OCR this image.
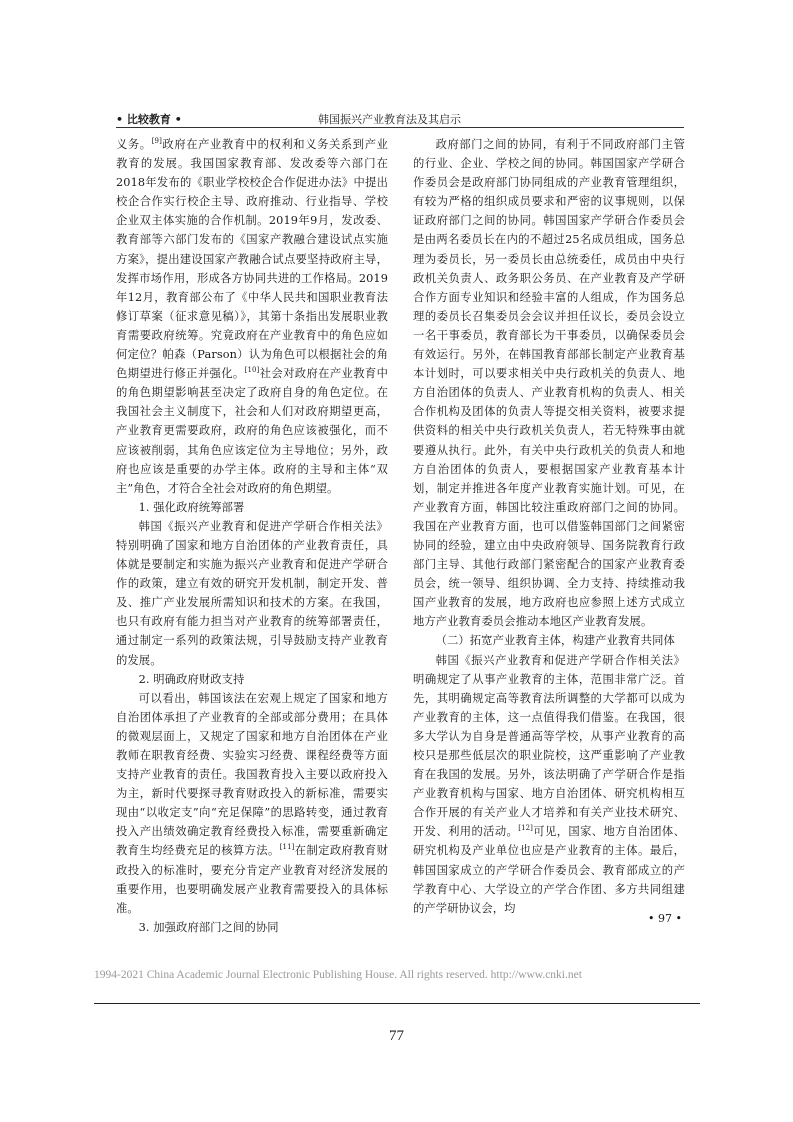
• 比较教育 •	韩国振兴产业教育法及其启示

义务。[9]政府在产业教育中的权利和义务关系到产业教育的发展。我国国家教育部、发改委等六部门在2018年发布的《职业学校校企合作促进办法》中提出校企合作实行校企主导、政府推动、行业指导、学校企业双主体实施的合作机制。2019年9月，发改委、教育部等六部门发布的《国家产教融合建设试点实施方案》，提出建设国家产教融合试点要坚持政府主导，发挥市场作用，形成各方协同共进的工作格局。2019年12月，教育部公布了《中华人民共和国职业教育法修订草案（征求意见稿）》，其第十条指出发展职业教育需要政府统筹。究竟政府在产业教育中的角色应如何定位？帕森（Parson）认为角色可以根据社会的角色期望进行修正并强化。[10]社会对政府在产业教育中的角色期望影响甚至决定了政府自身的角色定位。在我国社会主义制度下，社会和人们对政府期望更高，产业教育更需要政府，政府的角色应该被强化，而不应该被削弱，其角色应该定位为主导地位；另外，政府也应该是重要的办学主体。政府的主导和主体“双主”角色，才符合全社会对政府的角色期望。

1. 强化政府统筹部署

韩国《振兴产业教育和促进产学研合作相关法》特别明确了国家和地方自治团体的产业教育责任，具体就是要制定和实施为振兴产业教育和促进产学研合作的政策，建立有效的研究开发机制，制定开发、普及、推广产业发展所需知识和技术的方案。在我国，也只有政府有能力担当对产业教育的统筹部署责任，通过制定一系列的政策法规，引导鼓励支持产业教育的发展。

2. 明确政府财政支持

可以看出，韩国该法在宏观上规定了国家和地方自治团体承担了产业教育的全部或部分费用；在具体的微观层面上，又规定了国家和地方自治团体在产业教师在职教育经费、实验实习经费、课程经费等方面支持产业教育的责任。我国教育投入主要以政府投入为主，新时代要探寻教育财政投入的新标准，需要实现由“以收定支”向“充足保障”的思路转变，通过教育投入产出绩效确定教育经费投入标准，需要重新确定教育生均经费充足的核算方法。[11]在制定政府教育财政投入的标准时，要充分肯定产业教育对经济发展的重要作用，也要明确发展产业教育需要投入的具体标准。

3. 加强政府部门之间的协同

政府部门之间的协同，有利于不同政府部门主管的行业、企业、学校之间的协同。韩国国家产学研合作委员会是政府部门协同组成的产业教育管理组织，有较为严格的组织成员要求和严密的议事规则，以保证政府部门之间的协同。韩国国家产学研合作委员会是由两名委员长在内的不超过25名成员组成，国务总理为委员长，另一委员长由总统委任，成员由中央行政机关负责人、政务职公务员、在产业教育及产学研合作方面专业知识和经验丰富的人组成，作为国务总理的委员长召集委员会会议并担任议长，委员会设立一名干事委员，教育部长为干事委员，以确保委员会有效运行。另外，在韩国教育部部长制定产业教育基本计划时，可以要求相关中央行政机关的负责人、地方自治团体的负责人、产业教育机构的负责人、相关合作机构及团体的负责人等提交相关资料，被要求提供资料的相关中央行政机关负责人，若无特殊事由就要遵从执行。此外，有关中央行政机关的负责人和地方自治团体的负责人，要根据国家产业教育基本计划，制定并推进各年度产业教育实施计划。可见，在产业教育方面，韩国比较注重政府部门之间的协同。我国在产业教育方面，也可以借鉴韩国部门之间紧密协同的经验，建立由中央政府领导、国务院教育行政部门主导、其他行政部门紧密配合的国家产业教育委员会，统一领导、组织协调、全力支持、持续推动我国产业教育的发展，地方政府也应参照上述方式成立地方产业教育委员会推动本地区产业教育发展。

（二）拓宽产业教育主体，构建产业教育共同体

韩国《振兴产业教育和促进产学研合作相关法》明确规定了从事产业教育的主体，范围非常广泛。首先，其明确规定高等教育法所调整的大学都可以成为产业教育的主体，这一点值得我们借鉴。在我国，很多大学认为自身是普通高等学校，从事产业教育的高校只是那些低层次的职业院校，这严重影响了产业教育在我国的发展。另外，该法明确了产学研合作是指产业教育机构与国家、地方自治团体、研究机构相互合作开展的有关产业人才培养和有关产业技术研究、开发、利用的活动。[12]可见，国家、地方自治团体、研究机构及产业单位也应是产业教育的主体。最后，韩国国家成立的产学研合作委员会、教育部成立的产学教育中心、大学设立的产学合作团、多方共同组建的产学研协议会，均

• 97 •
1994-2021 China Academic Journal Electronic Publishing House. All rights reserved. http://www.cnki.net
77
